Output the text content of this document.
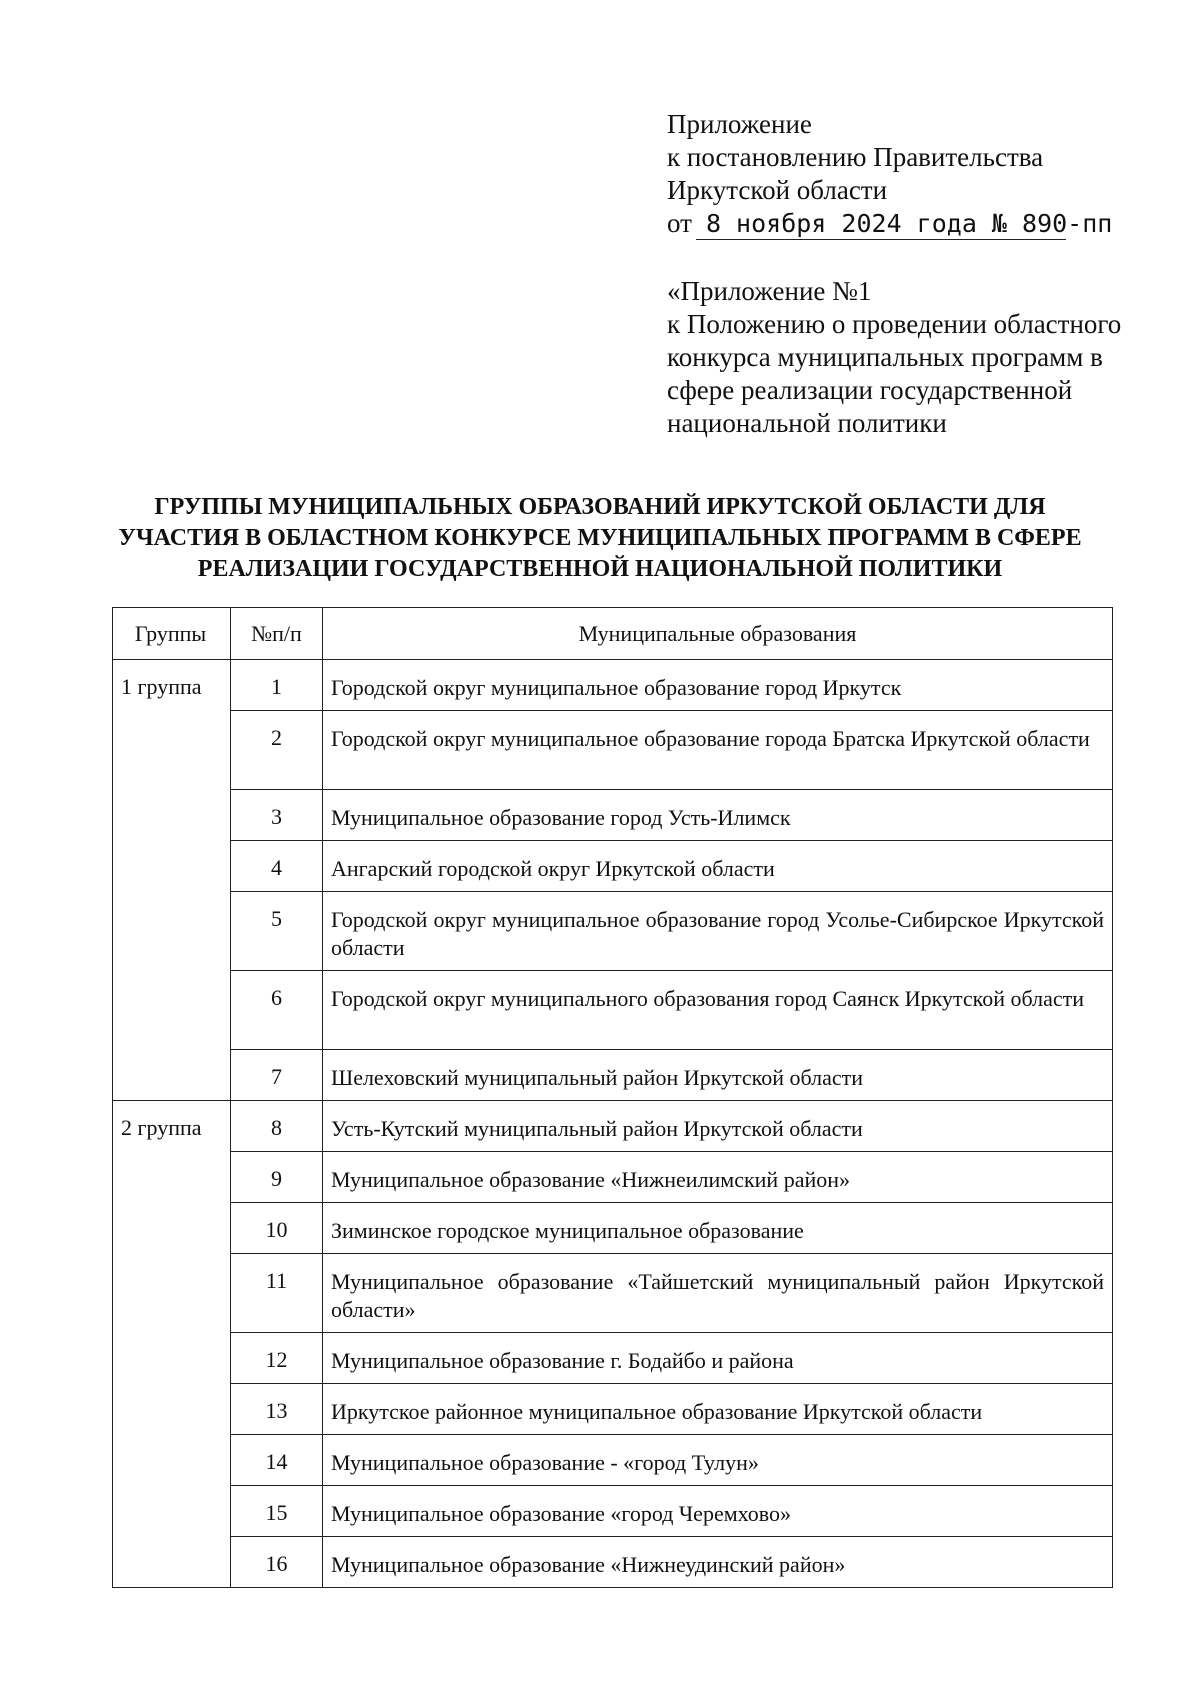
Приложение
к постановлению Правительства
Иркутской области
от 8 ноября 2024 года № 890-пп
«Приложение №1
к Положению о проведении областного
конкурса муниципальных программ в
сфере реализации государственной
национальной политики
ГРУППЫ МУНИЦИПАЛЬНЫХ ОБРАЗОВАНИЙ ИРКУТСКОЙ ОБЛАСТИ ДЛЯ
УЧАСТИЯ В ОБЛАСТНОМ КОНКУРСЕ МУНИЦИПАЛЬНЫХ ПРОГРАММ В СФЕРЕ
РЕАЛИЗАЦИИ ГОСУДАРСТВЕННОЙ НАЦИОНАЛЬНОЙ ПОЛИТИКИ
Группы	№п/п	Муниципальные образования
1 группа	1	Городской округ муниципальное образование город Иркутск
	2	Городской округ муниципальное образование города Братска Иркутской области
	3	Муниципальное образование город Усть-Илимск
	4	Ангарский городской округ Иркутской области
	5	Городской округ муниципальное образование город Усолье-Сибирское Иркутской области
	6	Городской округ муниципального образования город Саянск Иркутской области
	7	Шелеховский муниципальный район Иркутской области
2 группа	8	Усть-Кутский муниципальный район Иркутской области
	9	Муниципальное образование «Нижнеилимский район»
	10	Зиминское городское муниципальное образование
	11	Муниципальное образование «Тайшетский муниципальный район Иркутской области»
	12	Муниципальное образование г. Бодайбо и района
	13	Иркутское районное муниципальное образование Иркутской области
	14	Муниципальное образование - «город Тулун»
	15	Муниципальное образование «город Черемхово»
	16	Муниципальное образование «Нижнеудинский район»
